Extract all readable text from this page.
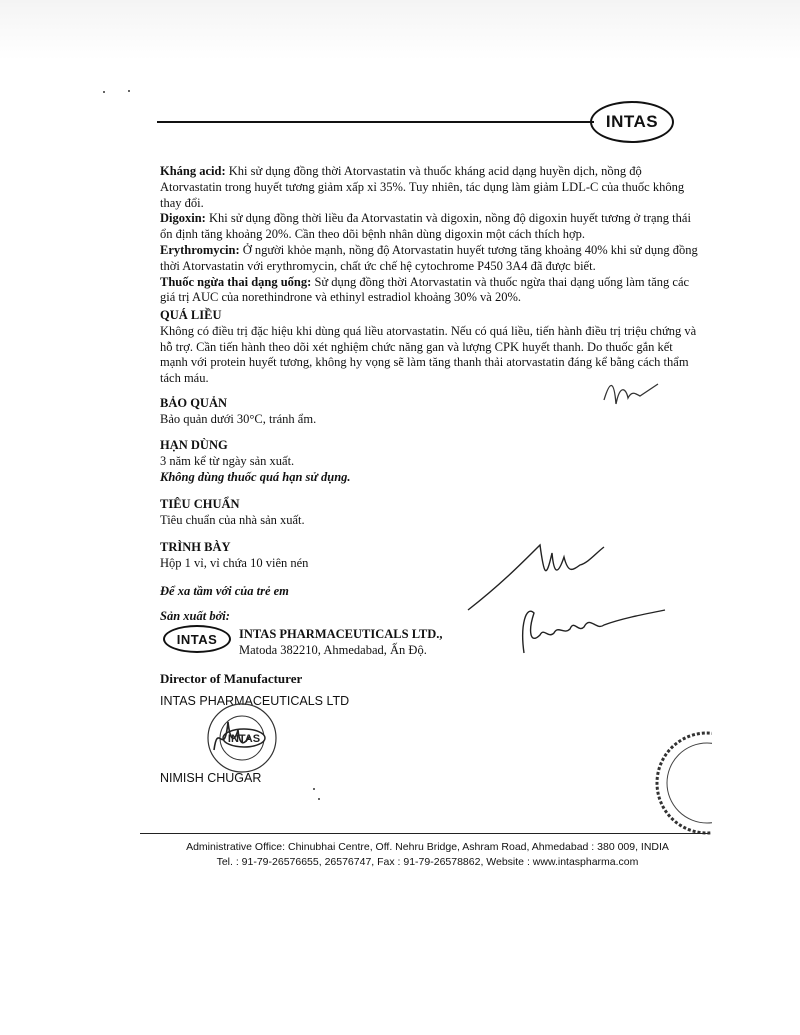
INTAS
Kháng acid: Khi sử dụng đồng thời Atorvastatin và thuốc kháng acid dạng huyền dịch, nồng độ Atorvastatin trong huyết tương giảm xấp xỉ 35%. Tuy nhiên, tác dụng làm giảm LDL-C của thuốc không thay đổi.
Digoxin: Khi sử dụng đồng thời liều đa Atorvastatin và digoxin, nồng độ digoxin huyết tương ở trạng thái ổn định tăng khoảng 20%. Cần theo dõi bệnh nhân dùng digoxin một cách thích hợp.
Erythromycin: Ở người khỏe mạnh, nồng độ Atorvastatin huyết tương tăng khoảng 40% khi sử dụng đồng thời Atorvastatin với erythromycin, chất ức chế hệ cytochrome P450 3A4 đã được biết.
Thuốc ngừa thai dạng uống: Sử dụng đồng thời Atorvastatin và thuốc ngừa thai dạng uống làm tăng các giá trị AUC của norethindrone và ethinyl estradiol khoảng 30% và 20%.
QUÁ LIỀU
Không có điều trị đặc hiệu khi dùng quá liều atorvastatin. Nếu có quá liều, tiến hành điều trị triệu chứng và hỗ trợ. Cần tiến hành theo dõi xét nghiệm chức năng gan và lượng CPK huyết thanh. Do thuốc gắn kết mạnh với protein huyết tương, không hy vọng sẽ làm tăng thanh thải atorvastatin đáng kể bằng cách thẩm tách máu.
BẢO QUẢN
Bảo quản dưới 30°C, tránh ẩm.
HẠN DÙNG
3 năm kể từ ngày sản xuất.
Không dùng thuốc quá hạn sử dụng.
TIÊU CHUẨN
Tiêu chuẩn của nhà sản xuất.
TRÌNH BÀY
Hộp 1 vỉ, vỉ chứa 10 viên nén
Để xa tầm với của trẻ em
Sản xuất bởi:
INTAS INTAS PHARMACEUTICALS LTD.,
Matoda 382210, Ahmedabad, Ấn Độ.
Director of Manufacturer
INTAS PHARMACEUTICALS LTD
NIMISH CHUGAR
INTAS
Administrative Office: Chinubhai Centre, Off. Nehru Bridge, Ashram Road, Ahmedabad : 380 009, INDIA
Tel. : 91-79-26576655, 26576747, Fax : 91-79-26578862, Website : www.intaspharma.com
